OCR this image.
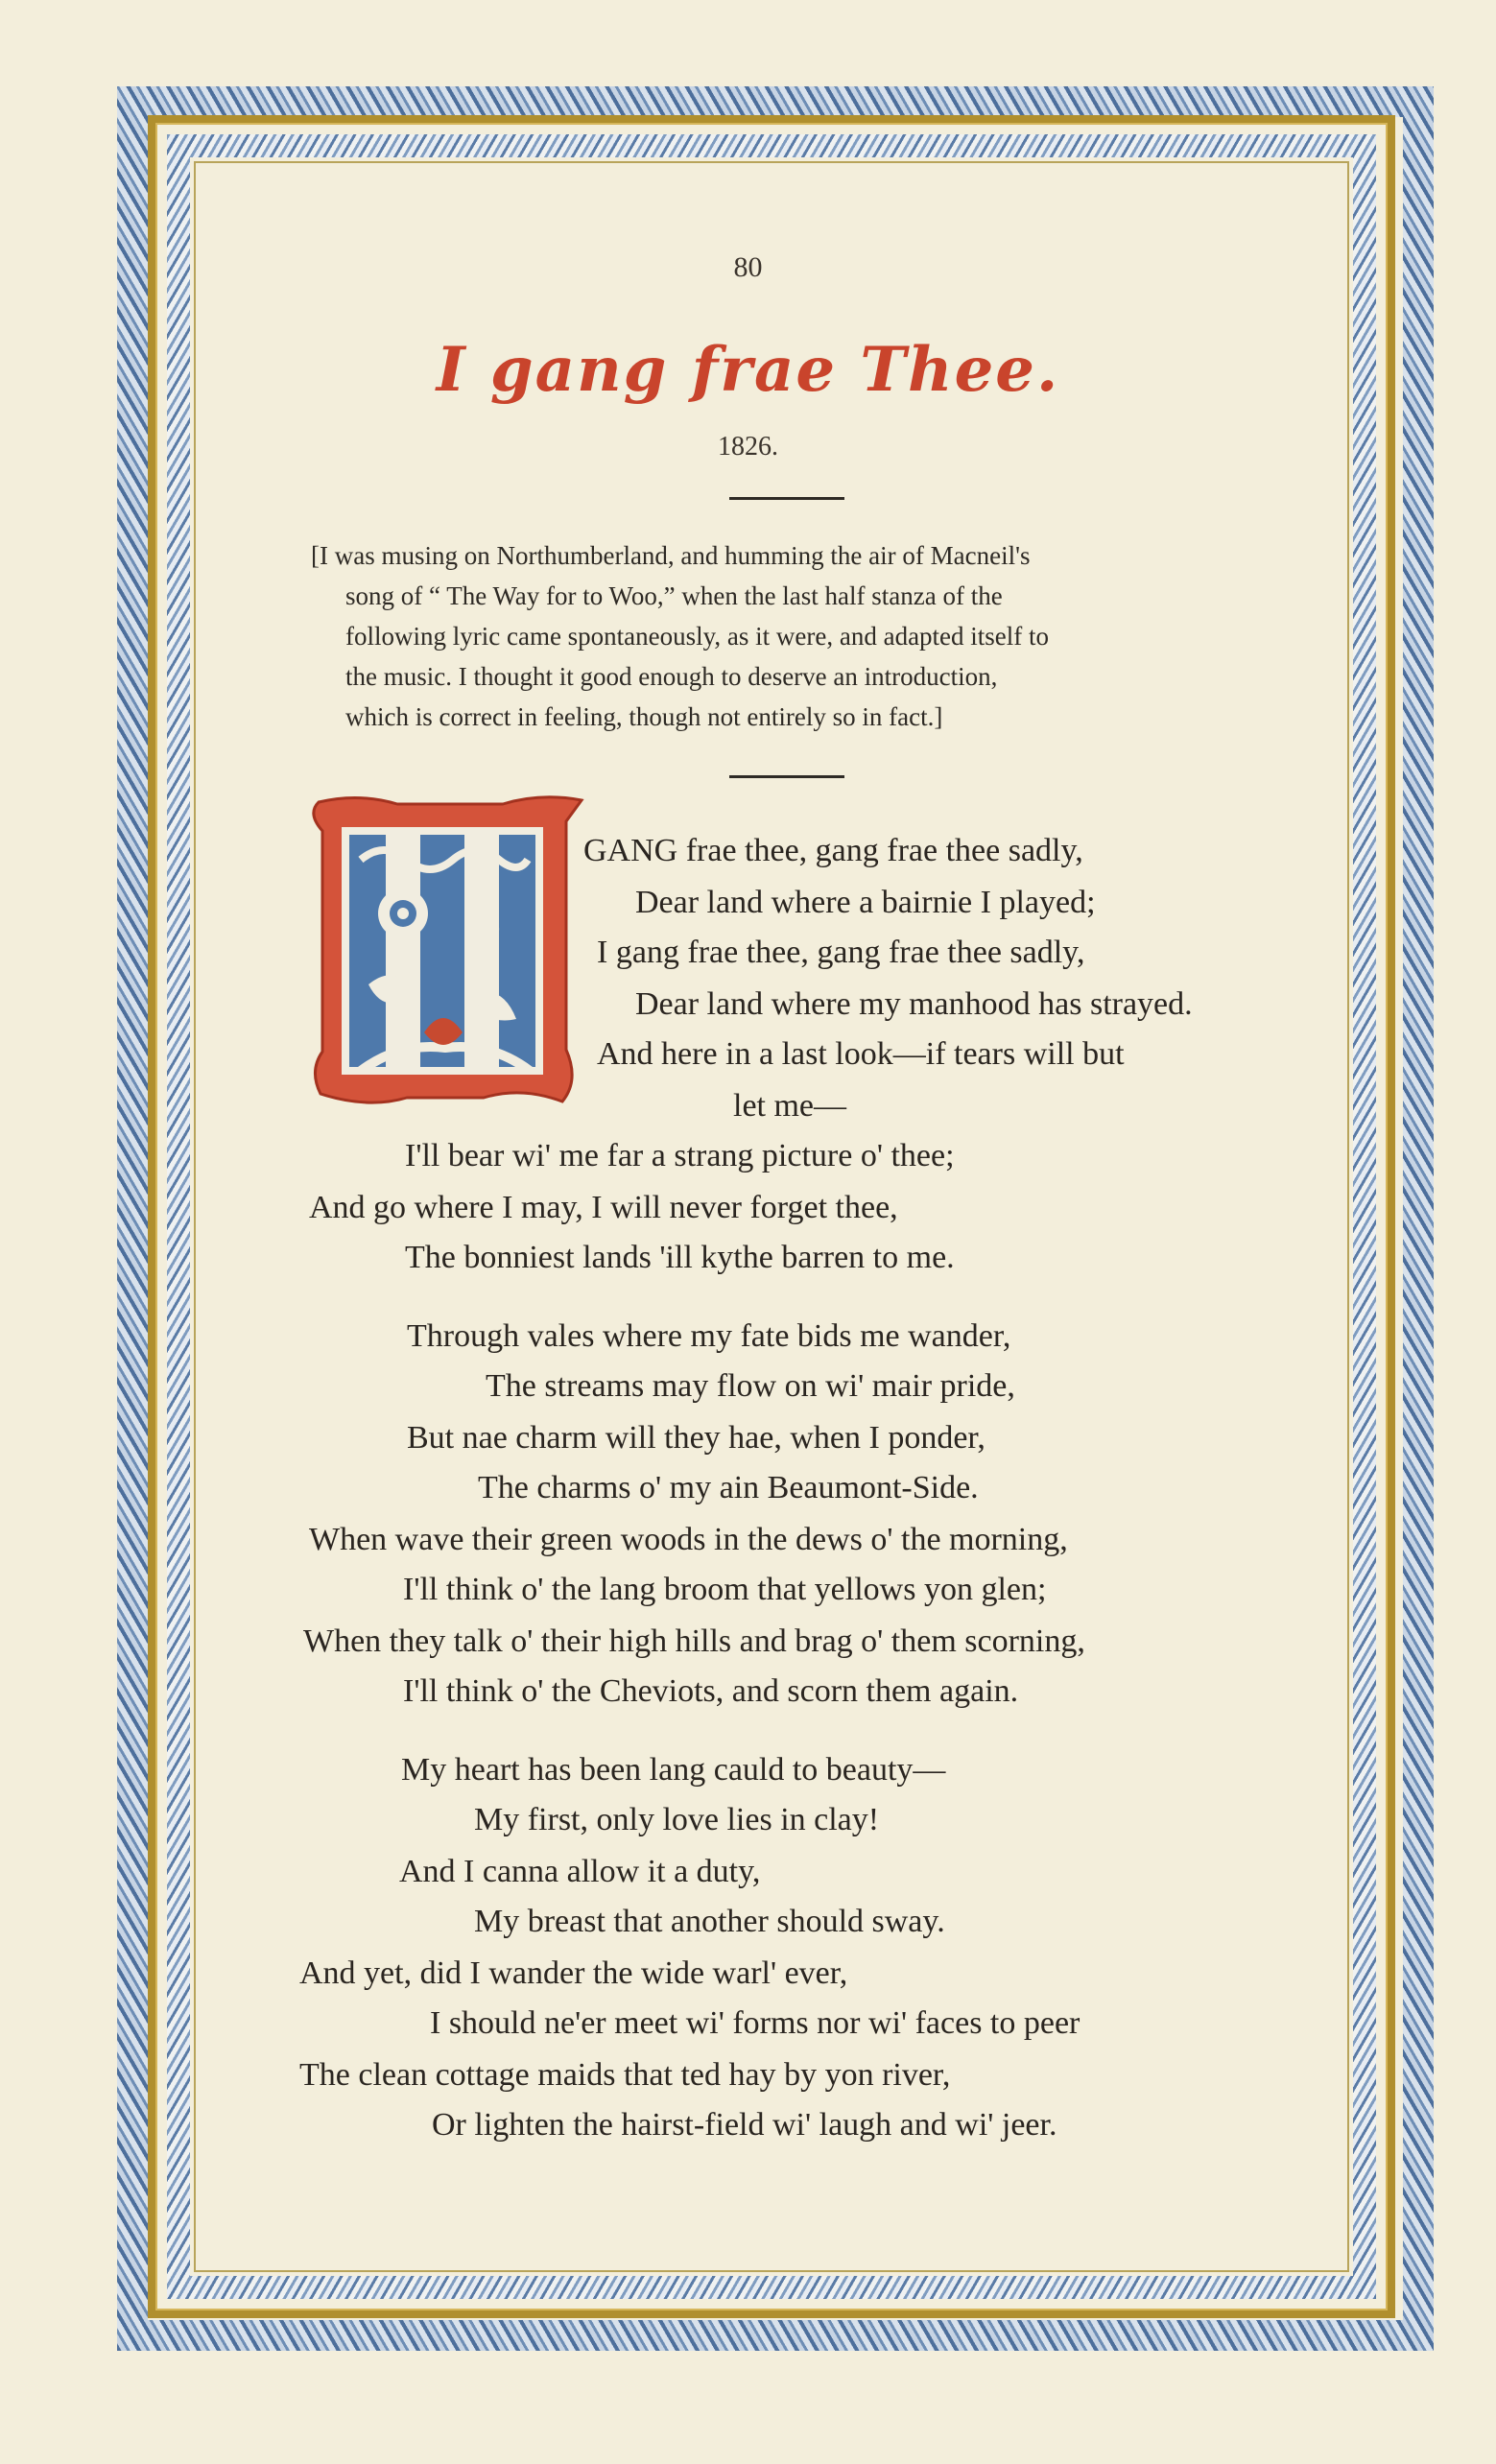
80
I gang frae Thee.
1826.
[I was musing on Northumberland, and humming the air of Macneil's
song of “ The Way for to Woo,” when the last half stanza of the
following lyric came spontaneously, as it were, and adapted itself to
the music. I thought it good enough to deserve an introduction,
which is correct in feeling, though not entirely so in fact.]
GANG frae thee, gang frae thee sadly,
Dear land where a bairnie I played;
I gang frae thee, gang frae thee sadly,
Dear land where my manhood has strayed.
And here in a last look—if tears will but
let me—
I'll bear wi' me far a strang picture o' thee;
And go where I may, I will never forget thee,
The bonniest lands 'ill kythe barren to me.
Through vales where my fate bids me wander,
The streams may flow on wi' mair pride,
But nae charm will they hae, when I ponder,
The charms o' my ain Beaumont-Side.
When wave their green woods in the dews o' the morning,
I'll think o' the lang broom that yellows yon glen;
When they talk o' their high hills and brag o' them scorning,
I'll think o' the Cheviots, and scorn them again.
My heart has been lang cauld to beauty—
My first, only love lies in clay!
And I canna allow it a duty,
My breast that another should sway.
And yet, did I wander the wide warl' ever,
I should ne'er meet wi' forms nor wi' faces to peer
The clean cottage maids that ted hay by yon river,
Or lighten the hairst-field wi' laugh and wi' jeer.
